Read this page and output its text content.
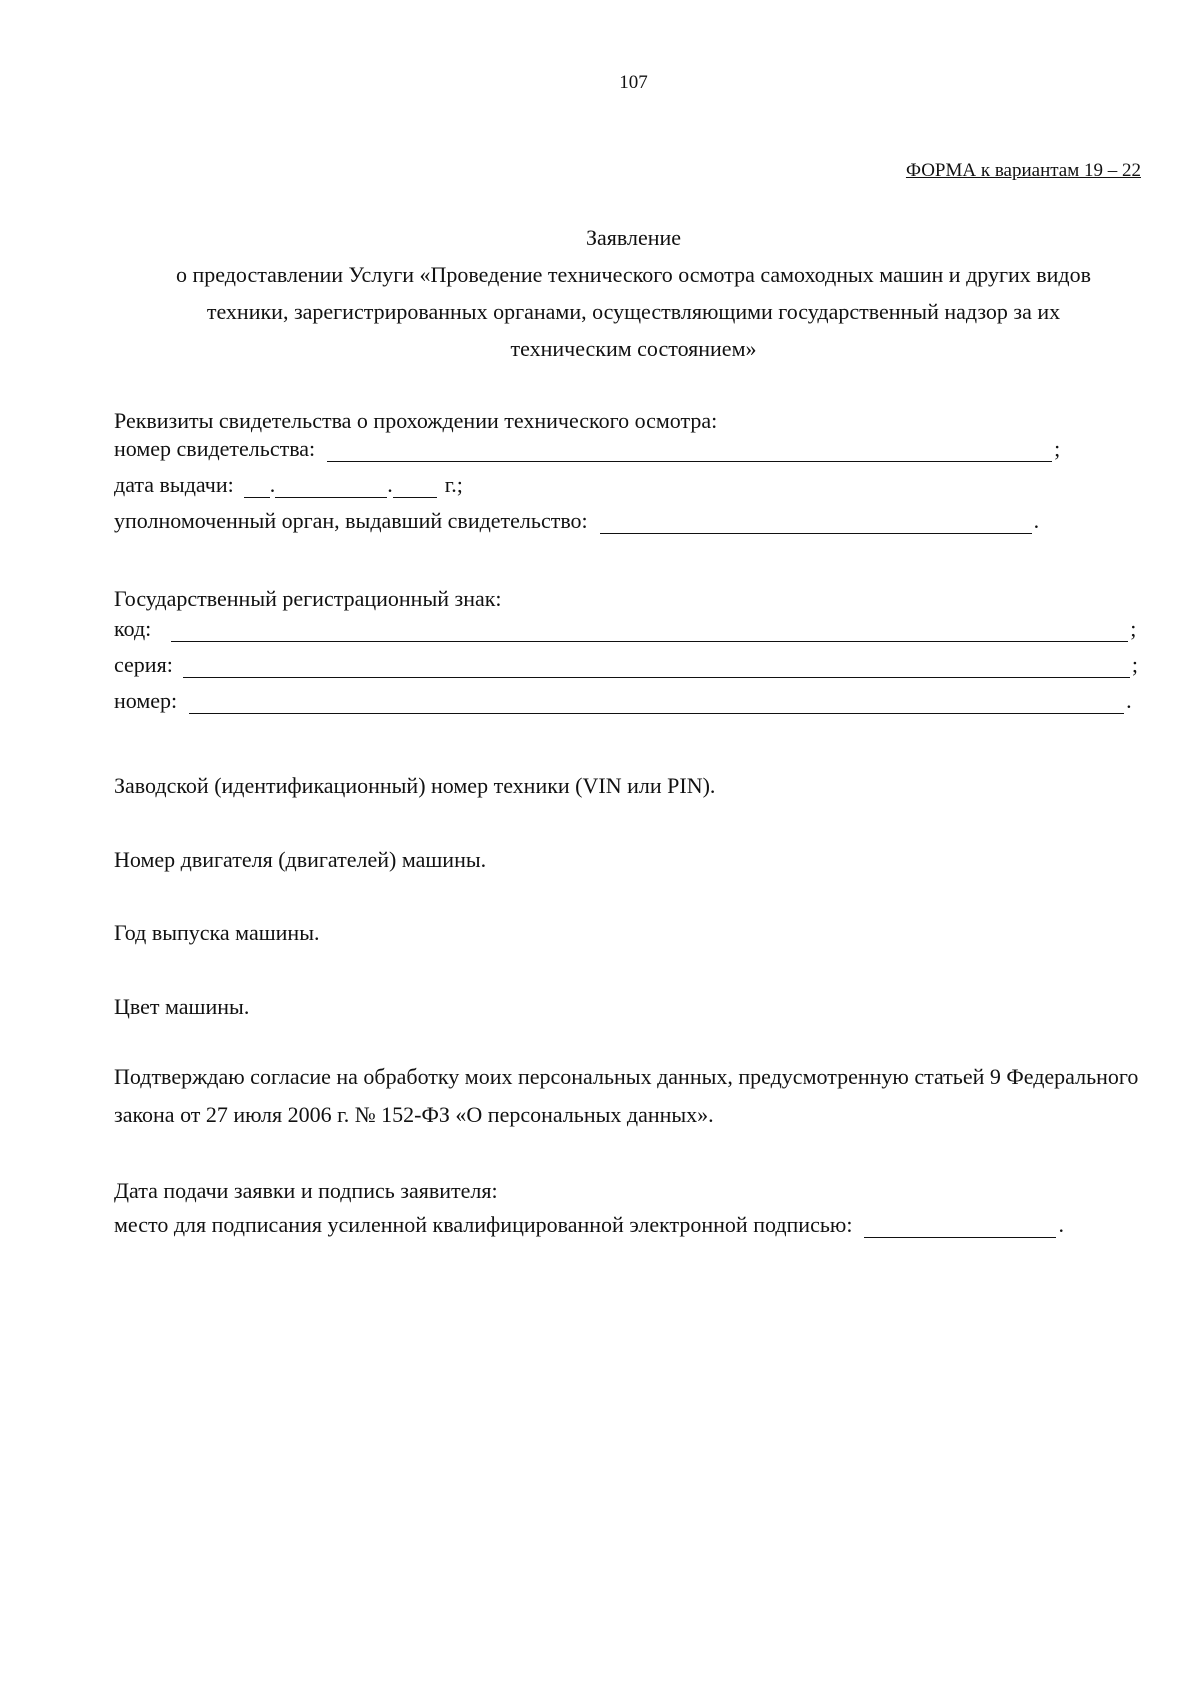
107
ФОРМА к вариантам 19 – 22
Заявление
о предоставлении Услуги «Проведение технического осмотра самоходных машин и других видов
техники, зарегистрированных органами, осуществляющими государственный надзор за их
техническим состоянием»
Реквизиты свидетельства о прохождении технического осмотра:
номер свидетельства:	;
дата выдачи: .	. г.;
уполномоченный орган, выдавший свидетельство:	.
Государственный регистрационный знак:
код:	;
серия:	;
номер:	.
Заводской (идентификационный) номер техники (VIN или PIN).
Номер двигателя (двигателей) машины.
Год выпуска машины.
Цвет машины.
Подтверждаю согласие на обработку моих персональных данных, предусмотренную статьей 9 Федерального закона от 27 июля 2006 г. № 152-ФЗ «О персональных данных».
Дата подачи заявки и подпись заявителя:
место для подписания усиленной квалифицированной электронной подписью:	.
